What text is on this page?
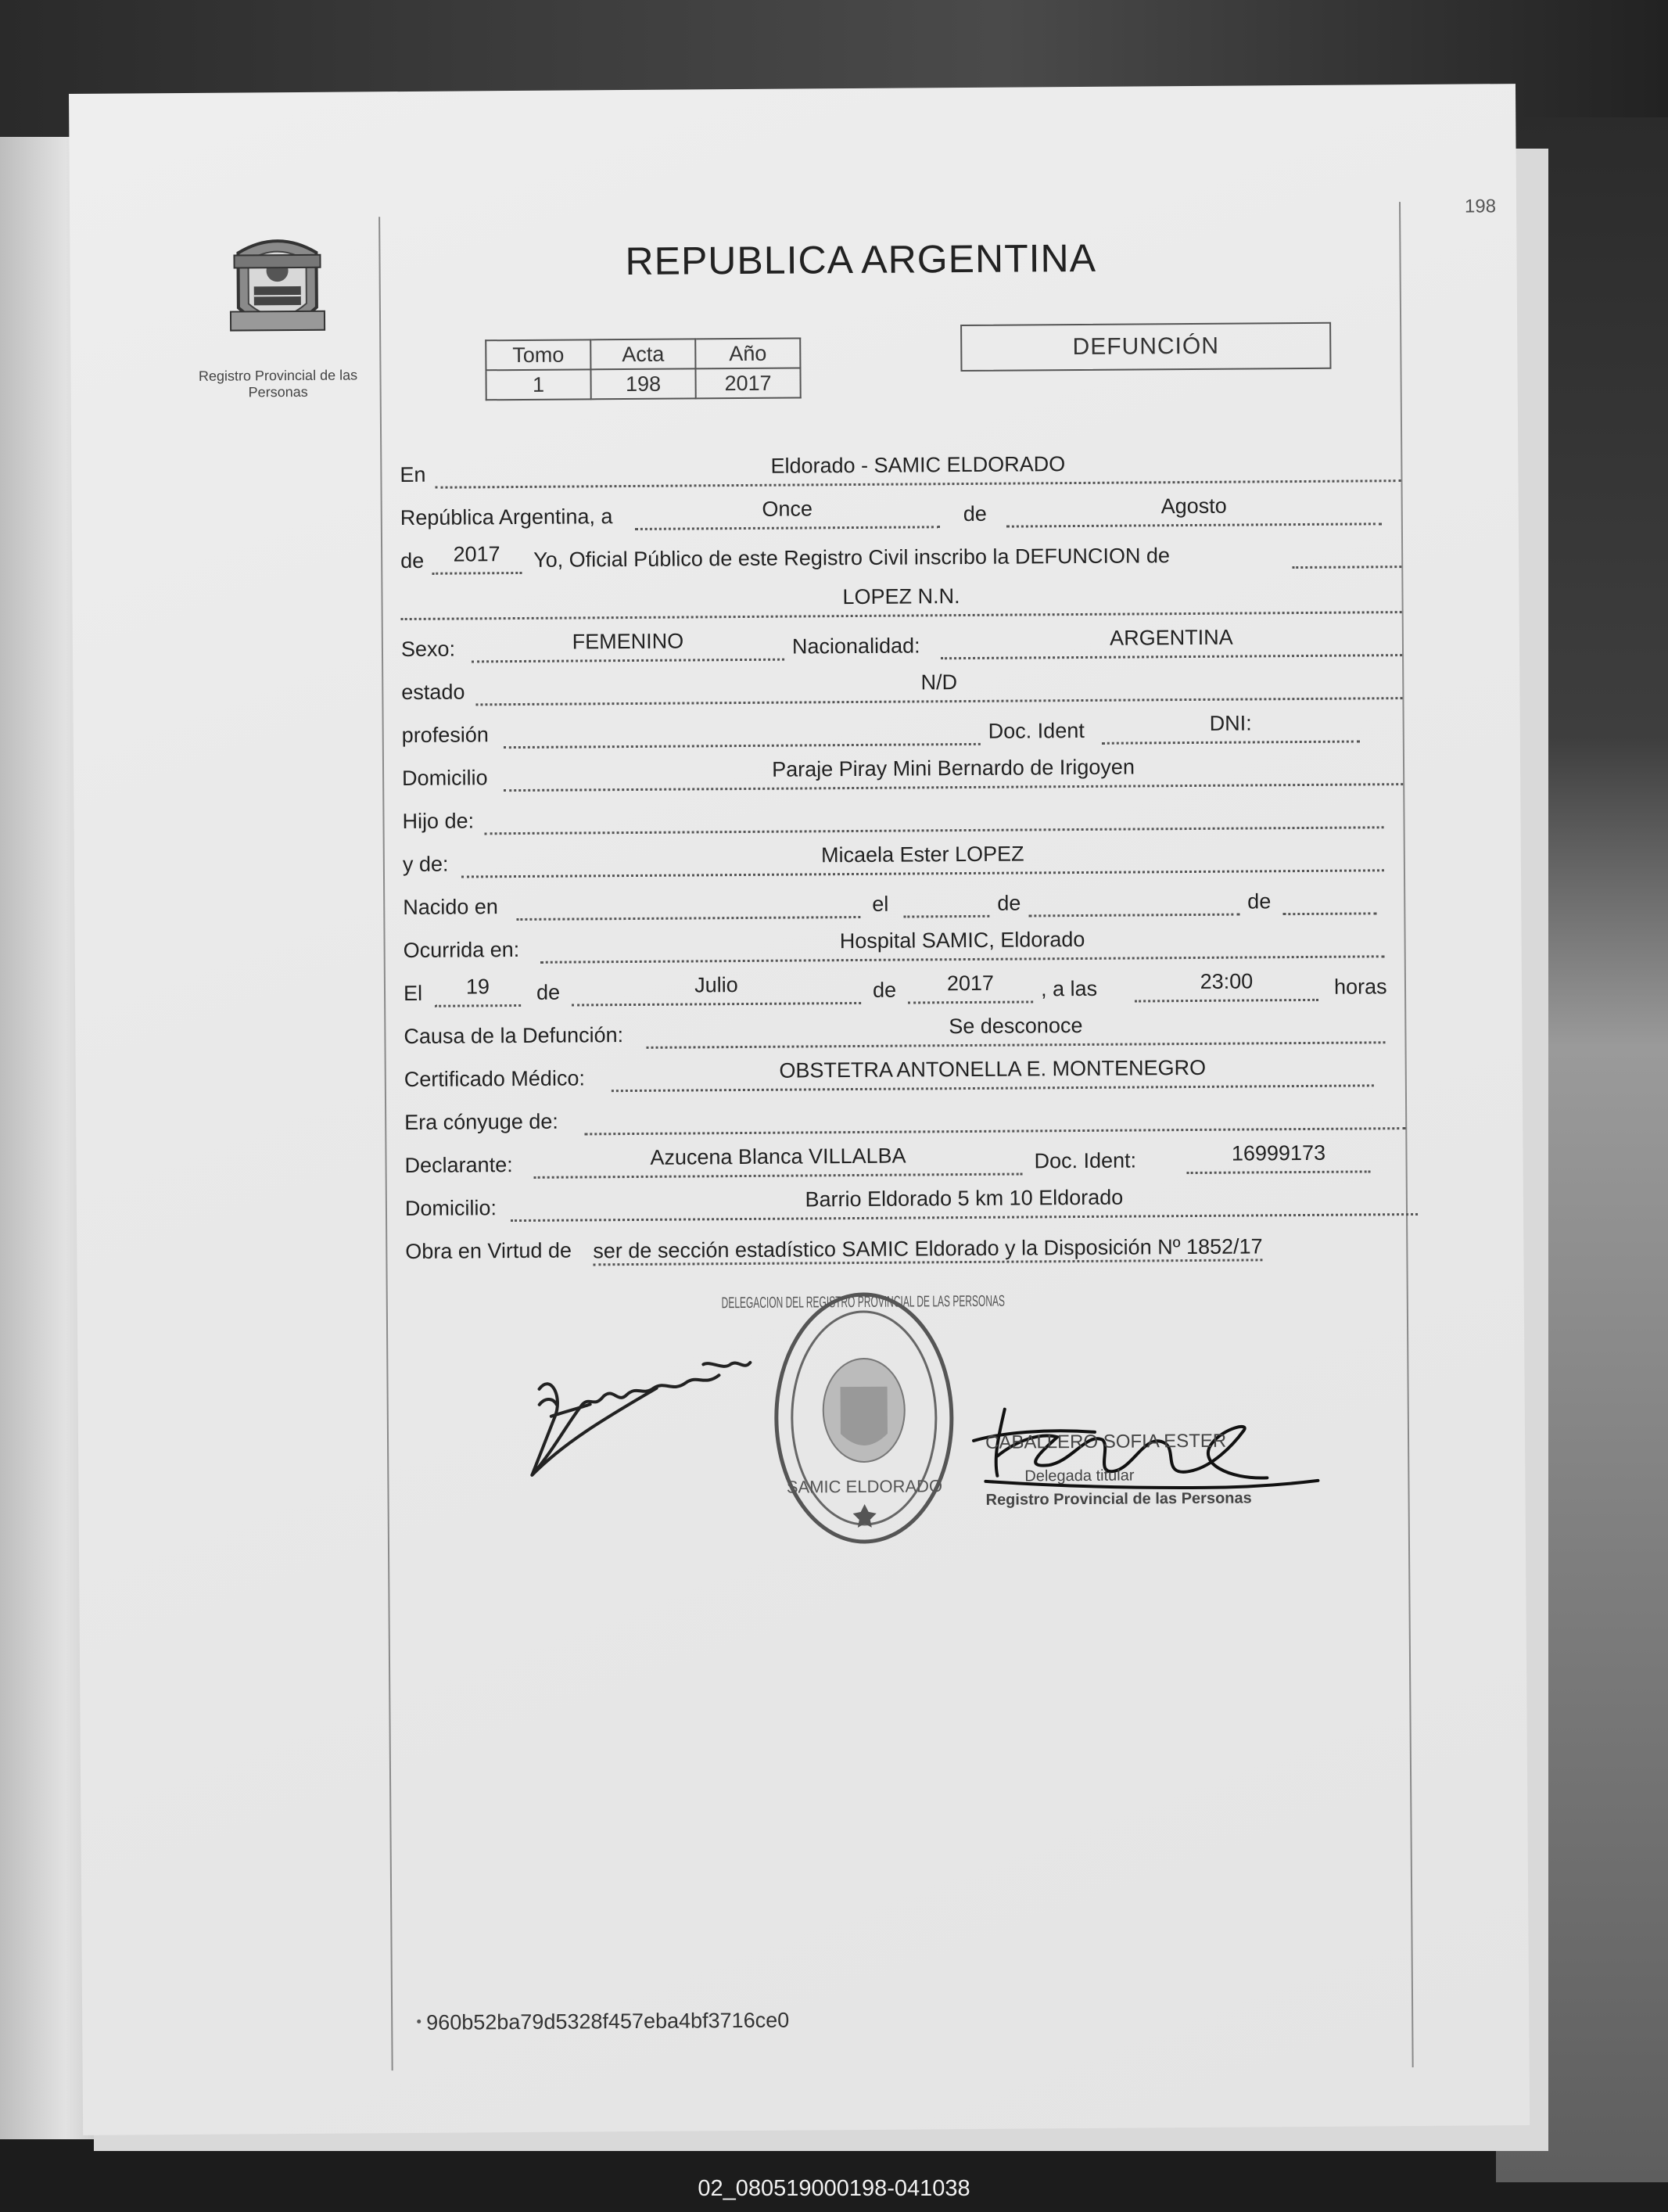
198
Registro Provincial de las Personas
REPUBLICA ARGENTINA
Tomo	Acta	Año
1	198	2017
DEFUNCIÓN
En	Eldorado - SAMIC ELDORADO
República Argentina, a	Once	de	Agosto
de	2017	Yo, Oficial Público de este Registro Civil inscribo la DEFUNCION de
LOPEZ N.N.
Sexo:	FEMENINO	Nacionalidad:	ARGENTINA
estado	N/D
profesión	Doc. Ident	DNI:
Domicilio	Paraje Piray Mini Bernardo de Irigoyen
Hijo de:
y de:	Micaela Ester LOPEZ
Nacido en	el	de	de
Ocurrida en:	Hospital SAMIC, Eldorado
El	19	de	Julio	de	2017	, a las	23:00	horas
Causa de la Defunción:	Se desconoce
Certificado Médico:	OBSTETRA ANTONELLA E. MONTENEGRO
Era cónyuge de:
Declarante:	Azucena Blanca VILLALBA	Doc. Ident:	16999173
Domicilio:	Barrio Eldorado 5 km 10 Eldorado
Obra en Virtud de ser de sección estadístico SAMIC Eldorado y la Disposición Nº 1852/17
DELEGACION DEL REGISTRO PROVINCIAL DE LAS PERSONAS
SAMIC ELDORADO
CABALLERO SOFIA ESTER
Delegada titular
Registro Provincial de las Personas
960b52ba79d5328f457eba4bf3716ce0
02_080519000198-041038
